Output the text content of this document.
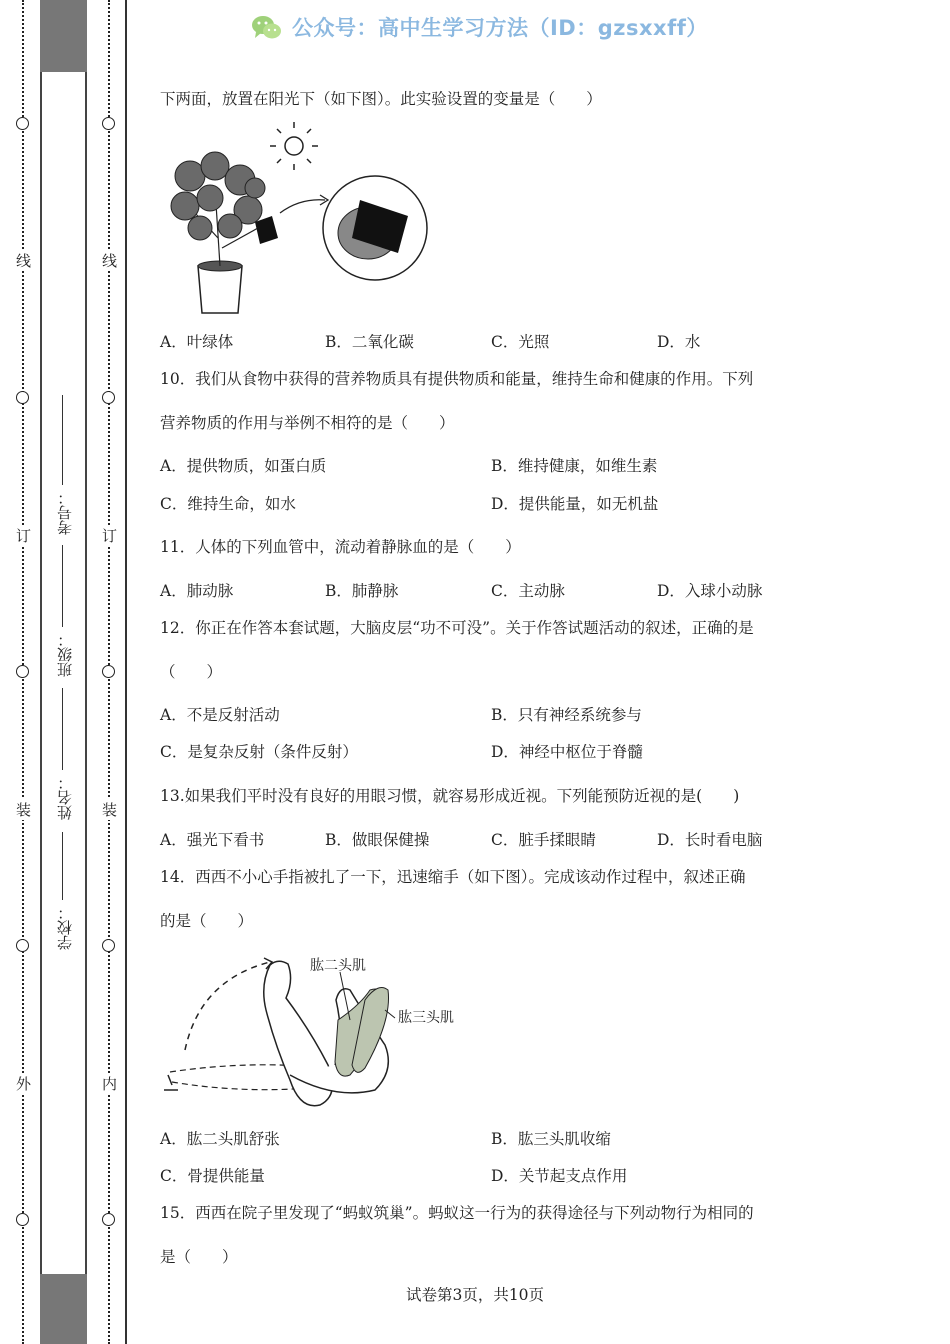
线
订
装
外
线
订
装
内
考号：
班级：
姓名：
学校：
公众号：高中生学习方法（ID：gzsxxff）
下两面，放置在阳光下（如下图）。此实验设置的变量是（　　）
A．叶绿体	B．二氧化碳	C．光照	D．水
10．我们从食物中获得的营养物质具有提供物质和能量，维持生命和健康的作用。下列
营养物质的作用与举例不相符的是（　　）
A．提供物质，如蛋白质	B．维持健康，如维生素
C．维持生命，如水	D．提供能量，如无机盐
11．人体的下列血管中，流动着静脉血的是（　　）
A．肺动脉	B．肺静脉	C．主动脉	D．入球小动脉
12．你正在作答本套试题，大脑皮层“功不可没”。关于作答试题活动的叙述，正确的是
（　　）
A．不是反射活动	B．只有神经系统参与
C．是复杂反射（条件反射）	D．神经中枢位于脊髓
13.如果我们平时没有良好的用眼习惯，就容易形成近视。下列能预防近视的是(　　)
A．强光下看书	B．做眼保健操	C．脏手揉眼睛	D．长时看电脑
14．西西不小心手指被扎了一下，迅速缩手（如下图）。完成该动作过程中，叙述正确
的是（　　）
肱二头肌
肱三头肌
A．肱二头肌舒张	B．肱三头肌收缩
C．骨提供能量	D．关节起支点作用
15．西西在院子里发现了“蚂蚁筑巢”。蚂蚁这一行为的获得途径与下列动物行为相同的
是（　　）
试卷第3页，共10页
